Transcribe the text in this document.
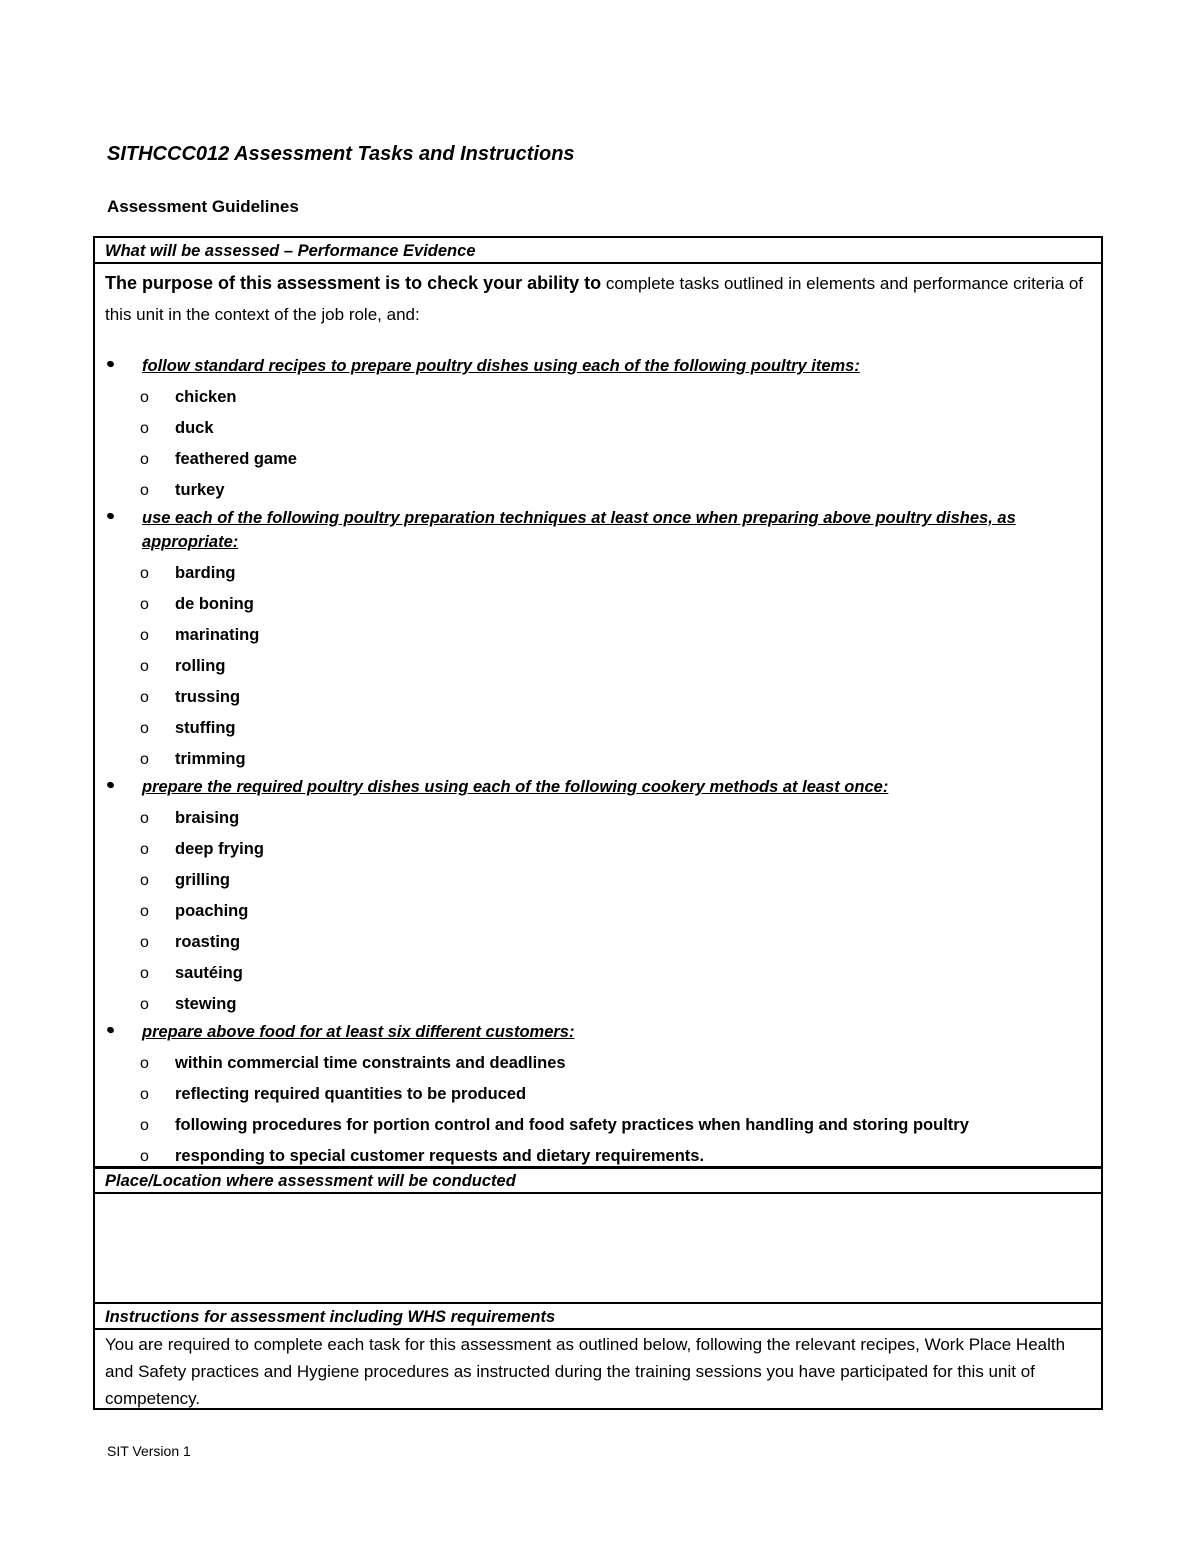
SITHCCC012 Assessment Tasks and Instructions
Assessment Guidelines
What will be assessed – Performance Evidence

The purpose of this assessment is to check your ability to complete tasks outlined in elements and performance criteria of this unit in the context of the job role, and:

follow standard recipes to prepare poultry dishes using each of the following poultry items:
o chicken
o duck
o feathered game
o turkey
use each of the following poultry preparation techniques at least once when preparing above poultry dishes, as appropriate:
o barding
o de boning
o marinating
o rolling
o trussing
o stuffing
o trimming
prepare the required poultry dishes using each of the following cookery methods at least once:
o braising
o deep frying
o grilling
o poaching
o roasting
o sautéing
o stewing
prepare above food for at least six different customers:
o within commercial time constraints and deadlines
o reflecting required quantities to be produced
o following procedures for portion control and food safety practices when handling and storing poultry
o responding to special customer requests and dietary requirements.
Place/Location where assessment will be conducted
Instructions for assessment including WHS requirements

You are required to complete each task for this assessment as outlined below, following the relevant recipes, Work Place Health and Safety practices and Hygiene procedures as instructed during the training sessions you have participated for this unit of competency.

SIT Version 1
